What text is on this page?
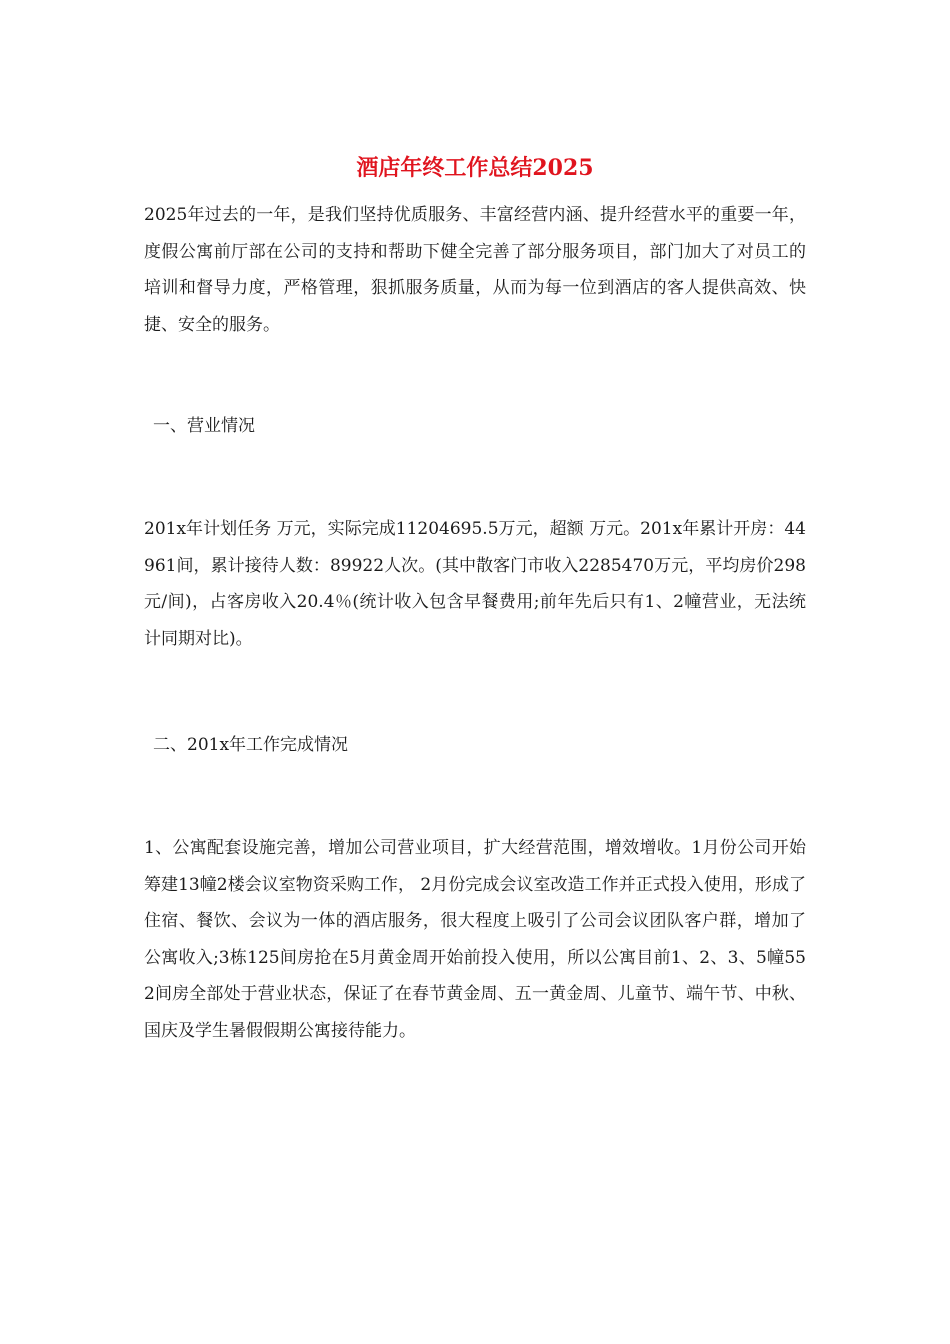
酒店年终工作总结2025

2025年过去的一年，是我们坚持优质服务、丰富经营内涵、提升经营水平的重要一年，度假公寓前厅部在公司的支持和帮助下健全完善了部分服务项目，部门加大了对员工的培训和督导力度，严格管理，狠抓服务质量，从而为每一位到酒店的客人提供高效、快捷、安全的服务。

一、营业情况

201x年计划任务 万元，实际完成11204695.5万元，超额 万元。201x年累计开房：44961间，累计接待人数：89922人次。(其中散客门市收入2285470万元，平均房价298元/间)，占客房收入20.4％(统计收入包含早餐费用;前年先后只有1、2幢营业，无法统计同期对比)。

二、201x年工作完成情况

1、公寓配套设施完善，增加公司营业项目，扩大经营范围，增效增收。1月份公司开始筹建13幢2楼会议室物资采购工作， 2月份完成会议室改造工作并正式投入使用，形成了住宿、餐饮、会议为一体的酒店服务，很大程度上吸引了公司会议团队客户群，增加了公寓收入;3栋125间房抢在5月黄金周开始前投入使用，所以公寓目前1、2、3、5幢552间房全部处于营业状态，保证了在春节黄金周、五一黄金周、儿童节、端午节、中秋、国庆及学生暑假假期公寓接待能力。
